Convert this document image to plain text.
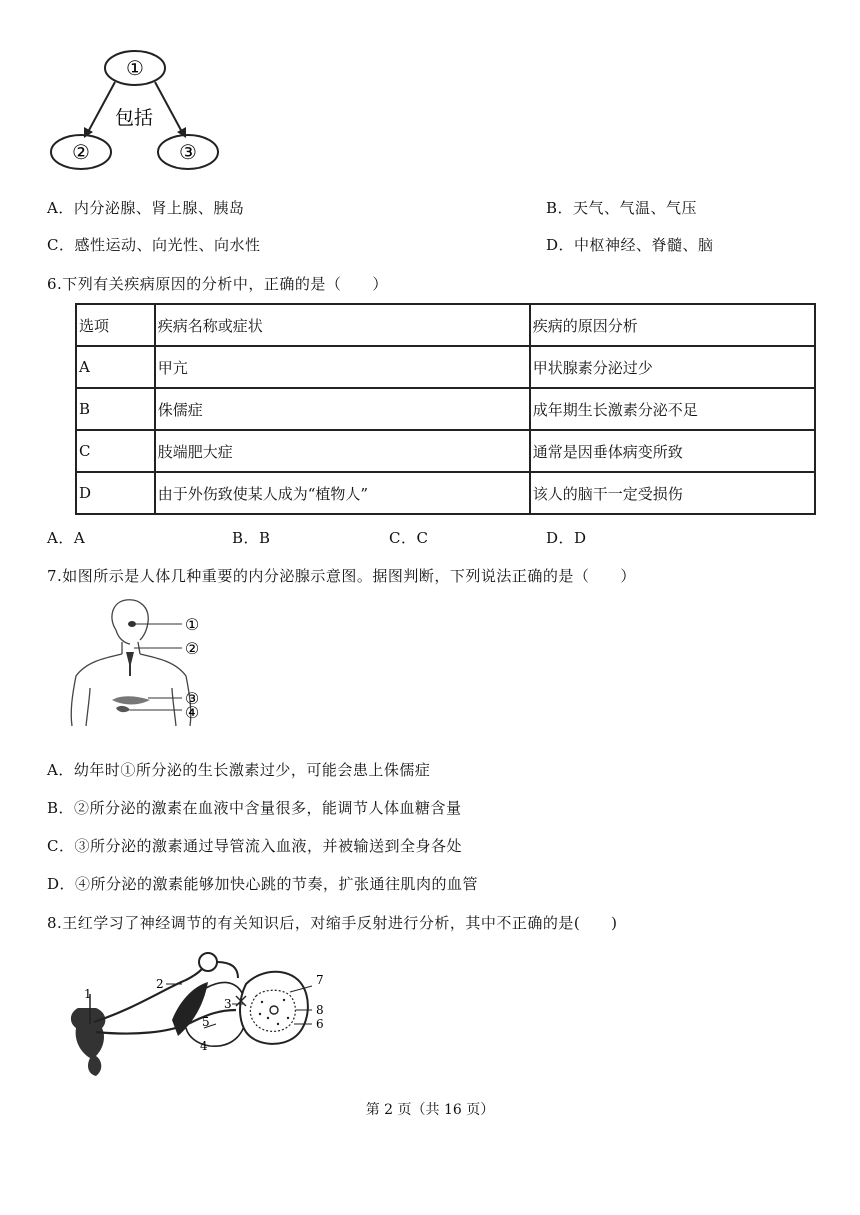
①
②	③
包括
A．内分泌腺、肾上腺、胰岛	B．天气、气温、气压
C．感性运动、向光性、向水性	D．中枢神经、脊髓、脑
6.下列有关疾病原因的分析中，正确的是（　　）
选项	疾病名称或症状	疾病的原因分析
A	甲亢	甲状腺素分泌过少
B	侏儒症	成年期生长激素分泌不足
C	肢端肥大症	通常是因垂体病变所致
D	由于外伤致使某人成为“植物人”	该人的脑干一定受损伤
A．A	B．B	C．C	D．D
7.如图所示是人体几种重要的内分泌腺示意图。据图判断，下列说法正确的是（　　）
①
②
③
④
A．幼年时①所分泌的生长激素过少，可能会患上侏儒症
B．②所分泌的激素在血液中含量很多，能调节人体血糖含量
C．③所分泌的激素通过导管流入血液，并被输送到全身各处
D．④所分泌的激素能够加快心跳的节奏，扩张通往肌肉的血管
8.王红学习了神经调节的有关知识后，对缩手反射进行分析，其中不正确的是(　　)
1
2
3
4
5	6
7
8
第 2 页（共 16 页）
